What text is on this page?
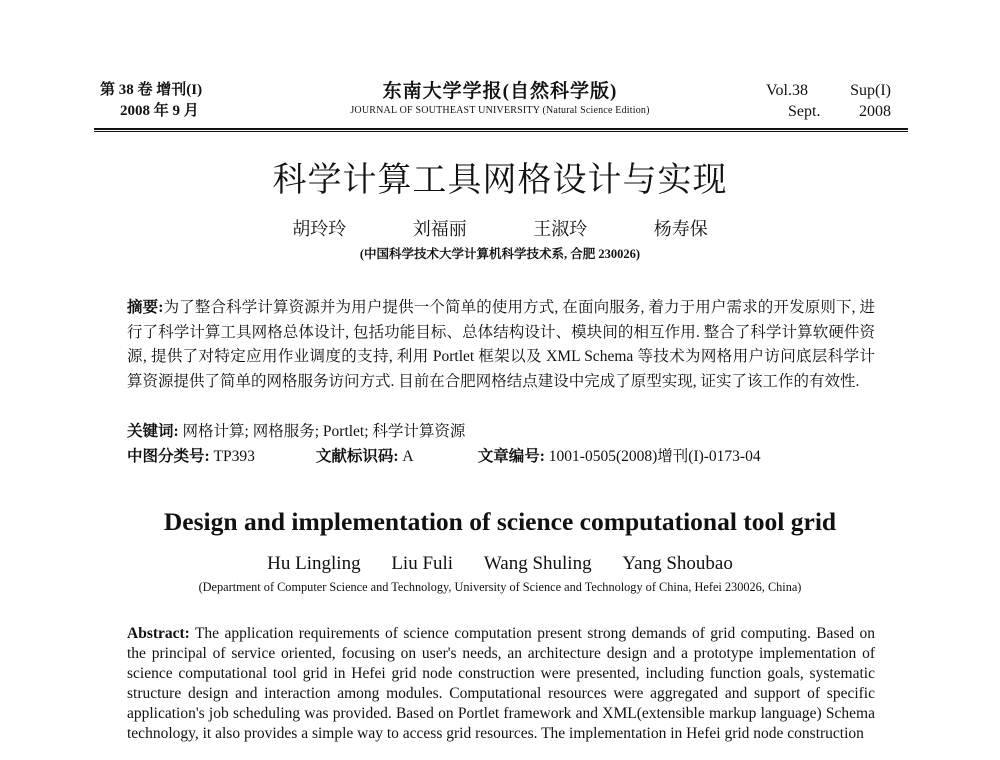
第 38 卷 增刊(I)
2008 年 9 月
东南大学学报(自然科学版)
JOURNAL OF SOUTHEAST UNIVERSITY (Natural Science Edition)
Vol.38	Sup(I)
Sept. 2008
科学计算工具网格设计与实现
胡玲玲	刘福丽	王淑玲	杨寿保
(中国科学技术大学计算机科学技术系, 合肥 230026)
摘要:为了整合科学计算资源并为用户提供一个简单的使用方式, 在面向服务, 着力于用户需求的开发原则下, 进行了科学计算工具网格总体设计, 包括功能目标、总体结构设计、模块间的相互作用. 整合了科学计算软硬件资源, 提供了对特定应用作业调度的支持, 利用 Portlet 框架以及 XML Schema 等技术为网格用户访问底层科学计算资源提供了简单的网格服务访问方式. 目前在合肥网格结点建设中完成了原型实现, 证实了该工作的有效性.
关键词: 网格计算; 网格服务; Portlet; 科学计算资源
中图分类号: TP393	文献标识码: A	文章编号: 1001-0505(2008)增刊(I)-0173-04
Design and implementation of science computational tool grid
Hu Lingling Liu Fuli Wang Shuling Yang Shoubao
(Department of Computer Science and Technology, University of Science and Technology of China, Hefei 230026, China)
Abstract: The application requirements of science computation present strong demands of grid computing. Based on the principal of service oriented, focusing on user's needs, an architecture design and a prototype implementation of science computational tool grid in Hefei grid node construction were presented, including function goals, systematic structure design and interaction among modules. Computational resources were aggregated and support of specific application's job scheduling was provided. Based on Portlet framework and XML(extensible markup language) Schema technology, it also provides a simple way to access grid resources. The implementation in Hefei grid node construction
